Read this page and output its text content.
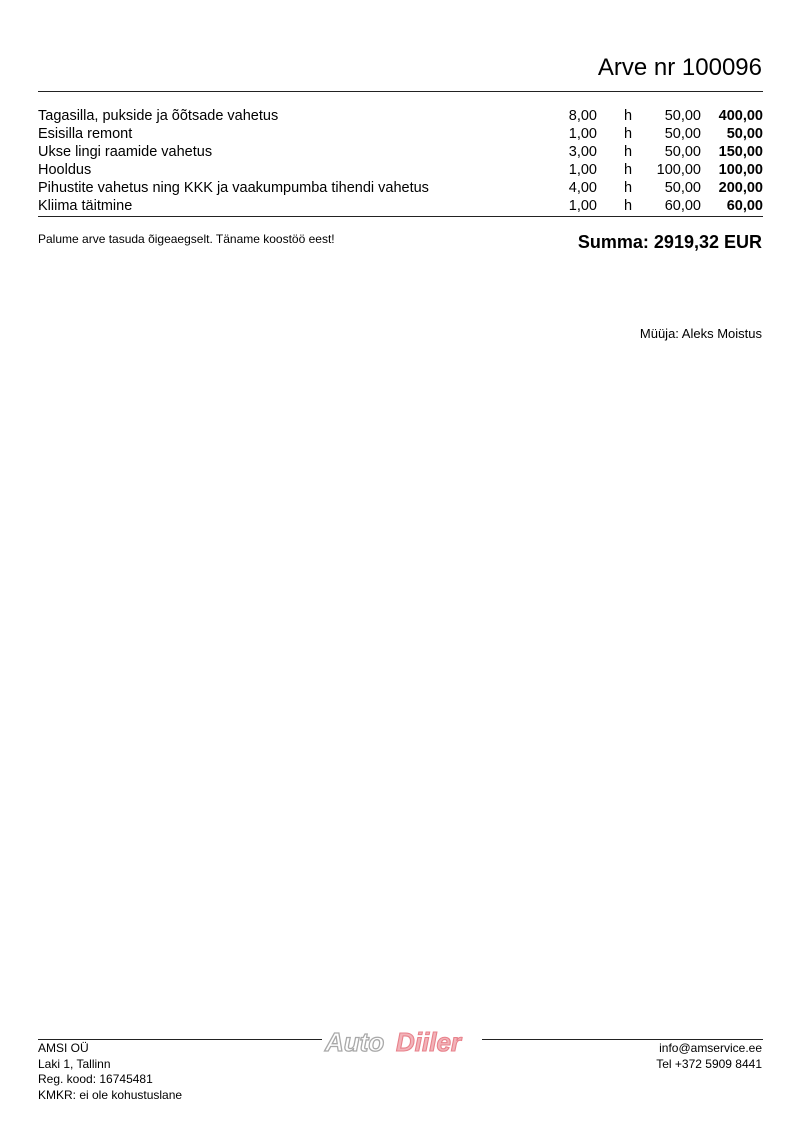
Arve nr 100096
Tagasilla, pukside ja õõtsade vahetus	8,00 h 50,00 400,00
Esisilla remont	1,00 h 50,00 50,00
Ukse lingi raamide vahetus	3,00 h 50,00 150,00
Hooldus	1,00 h 100,00 100,00
Pihustite vahetus ning KKK ja vaakumpumba tihendi vahetus	4,00 h 50,00 200,00
Kliima täitmine	1,00 h 60,00 60,00
Palume arve tasuda õigeaegselt. Täname koostöö eest!	Summa: 2919,32 EUR
Müüja: Aleks Moistus
Auto Diiler
AMSI OÜ
Laki 1, Tallinn
Reg. kood: 16745481
KMKR: ei ole kohustuslane
info@amservice.ee
Tel +372 5909 8441
